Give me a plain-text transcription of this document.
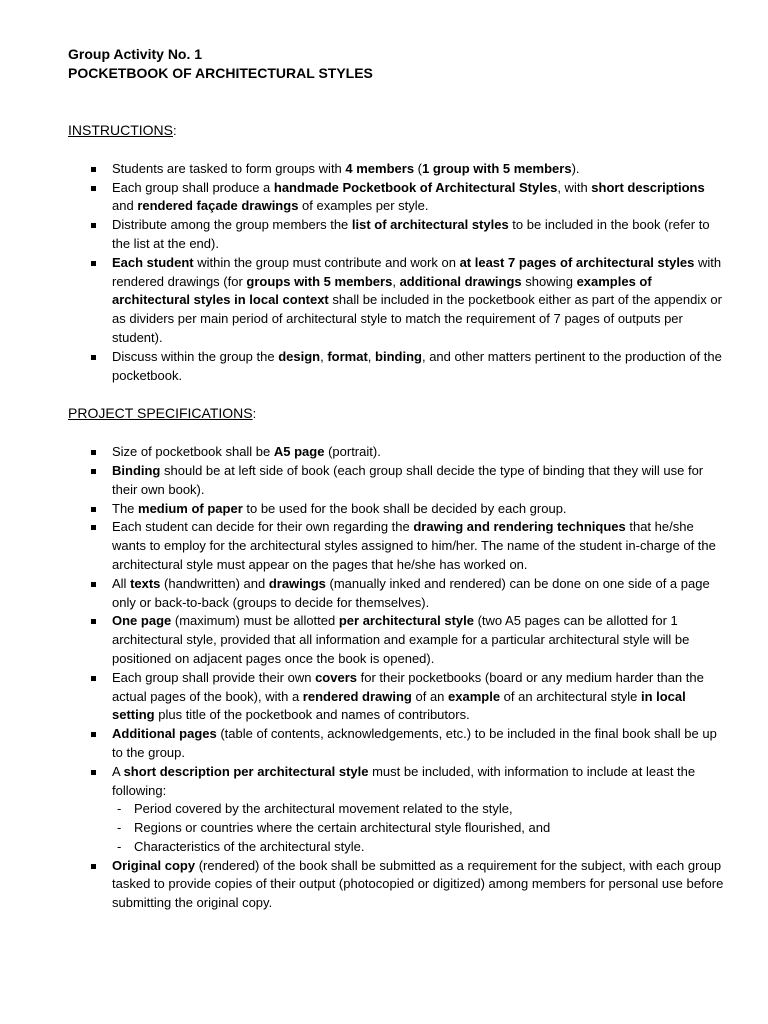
Group Activity No. 1
POCKETBOOK OF ARCHITECTURAL STYLES
INSTRUCTIONS:
Students are tasked to form groups with 4 members (1 group with 5 members).
Each group shall produce a handmade Pocketbook of Architectural Styles, with short descriptions and rendered façade drawings of examples per style.
Distribute among the group members the list of architectural styles to be included in the book (refer to the list at the end).
Each student within the group must contribute and work on at least 7 pages of architectural styles with rendered drawings (for groups with 5 members, additional drawings showing examples of architectural styles in local context shall be included in the pocketbook either as part of the appendix or as dividers per main period of architectural style to match the requirement of 7 pages of outputs per student).
Discuss within the group the design, format, binding, and other matters pertinent to the production of the pocketbook.
PROJECT SPECIFICATIONS:
Size of pocketbook shall be A5 page (portrait).
Binding should be at left side of book (each group shall decide the type of binding that they will use for their own book).
The medium of paper to be used for the book shall be decided by each group.
Each student can decide for their own regarding the drawing and rendering techniques that he/she wants to employ for the architectural styles assigned to him/her. The name of the student in-charge of the architectural style must appear on the pages that he/she has worked on.
All texts (handwritten) and drawings (manually inked and rendered) can be done on one side of a page only or back-to-back (groups to decide for themselves).
One page (maximum) must be allotted per architectural style (two A5 pages can be allotted for 1 architectural style, provided that all information and example for a particular architectural style will be positioned on adjacent pages once the book is opened).
Each group shall provide their own covers for their pocketbooks (board or any medium harder than the actual pages of the book), with a rendered drawing of an example of an architectural style in local setting plus title of the pocketbook and names of contributors.
Additional pages (table of contents, acknowledgements, etc.) to be included in the final book shall be up to the group.
A short description per architectural style must be included, with information to include at least the following:
- Period covered by the architectural movement related to the style,
- Regions or countries where the certain architectural style flourished, and
- Characteristics of the architectural style.
Original copy (rendered) of the book shall be submitted as a requirement for the subject, with each group tasked to provide copies of their output (photocopied or digitized) among members for personal use before submitting the original copy.
